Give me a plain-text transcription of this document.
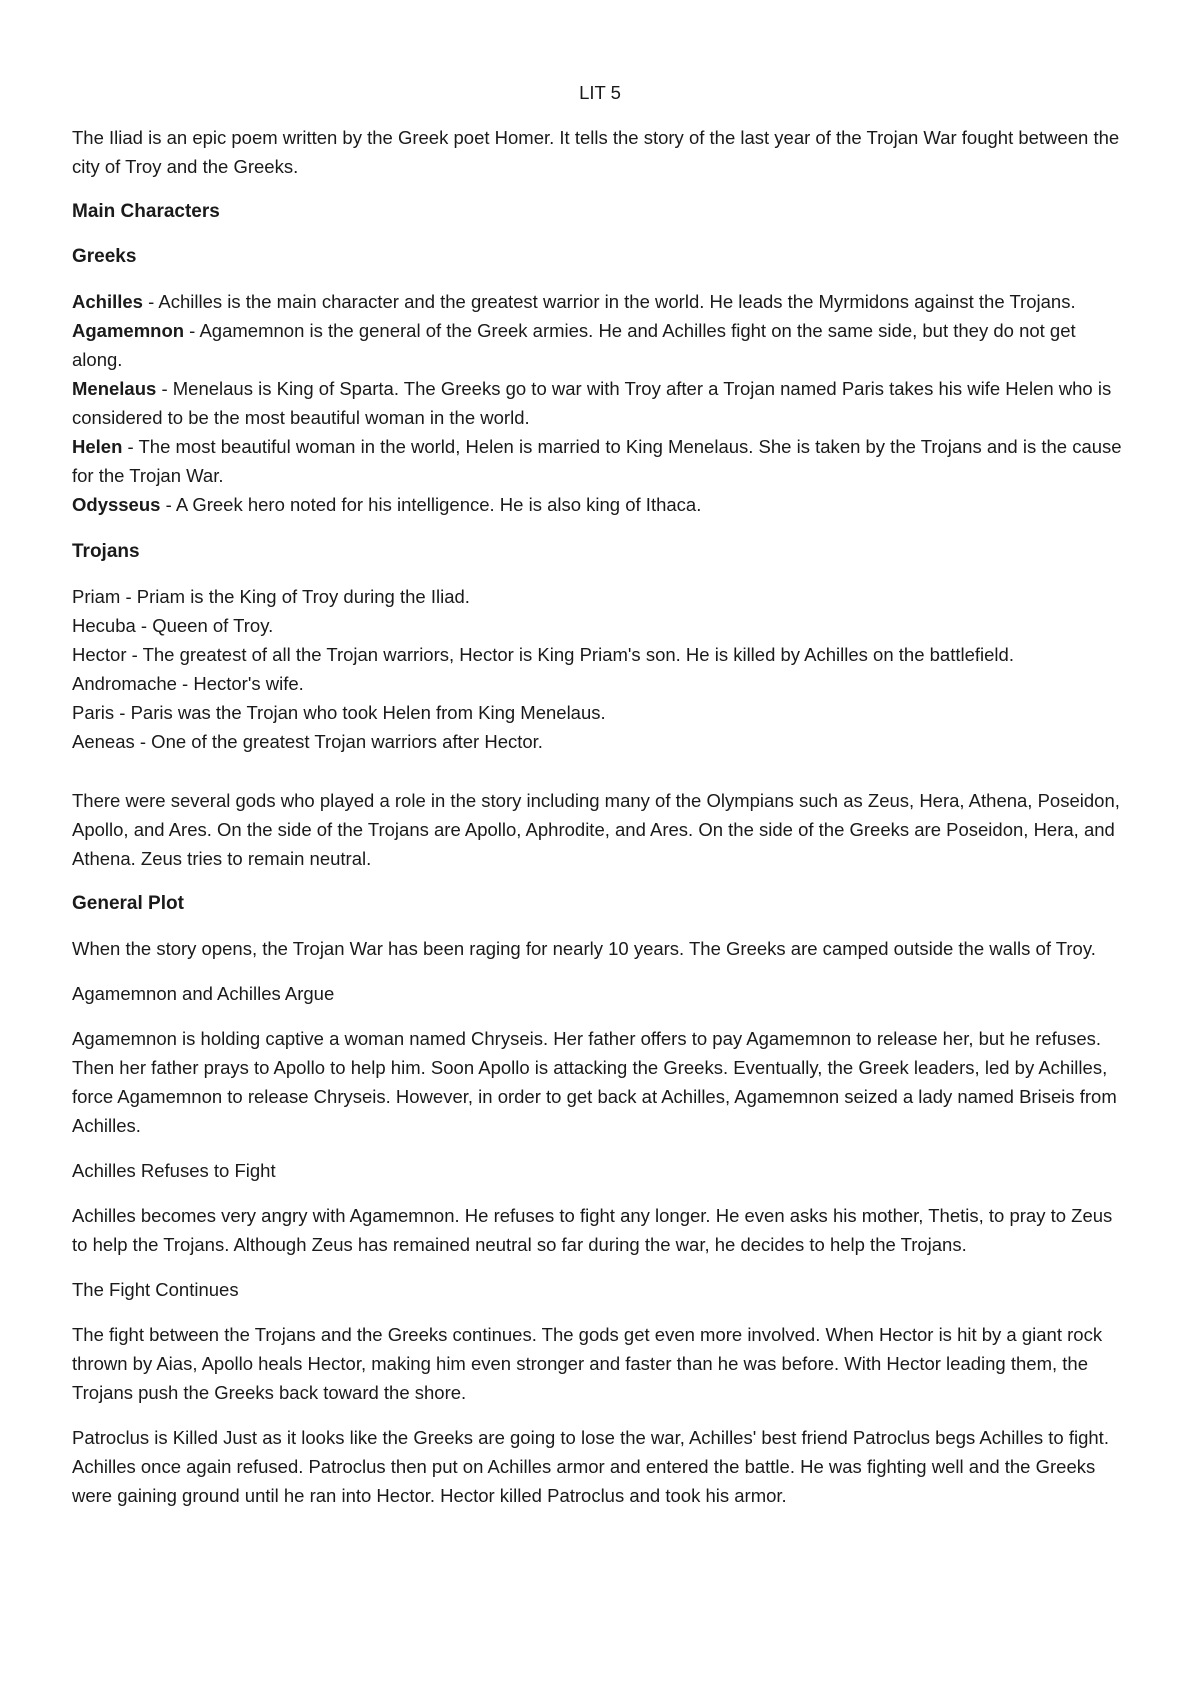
LIT 5

The Iliad is an epic poem written by the Greek poet Homer. It tells the story of the last year of the Trojan War fought between the city of Troy and the Greeks.

Main Characters
Greeks
Achilles - Achilles is the main character and the greatest warrior in the world. He leads the Myrmidons against the Trojans.
Agamemnon - Agamemnon is the general of the Greek armies. He and Achilles fight on the same side, but they do not get along.
Menelaus - Menelaus is King of Sparta. The Greeks go to war with Troy after a Trojan named Paris takes his wife Helen who is considered to be the most beautiful woman in the world.
Helen - The most beautiful woman in the world, Helen is married to King Menelaus. She is taken by the Trojans and is the cause for the Trojan War.
Odysseus - A Greek hero noted for his intelligence. He is also king of Ithaca.
Trojans
Priam - Priam is the King of Troy during the Iliad.
Hecuba - Queen of Troy.
Hector - The greatest of all the Trojan warriors, Hector is King Priam's son. He is killed by Achilles on the battlefield.
Andromache - Hector's wife.
Paris - Paris was the Trojan who took Helen from King Menelaus.
Aeneas - One of the greatest Trojan warriors after Hector.

There were several gods who played a role in the story including many of the Olympians such as Zeus, Hera, Athena, Poseidon, Apollo, and Ares. On the side of the Trojans are Apollo, Aphrodite, and Ares. On the side of the Greeks are Poseidon, Hera, and Athena. Zeus tries to remain neutral.

General Plot

When the story opens, the Trojan War has been raging for nearly 10 years. The Greeks are camped outside the walls of Troy.

Agamemnon and Achilles Argue

Agamemnon is holding captive a woman named Chryseis. Her father offers to pay Agamemnon to release her, but he refuses. Then her father prays to Apollo to help him. Soon Apollo is attacking the Greeks. Eventually, the Greek leaders, led by Achilles, force Agamemnon to release Chryseis. However, in order to get back at Achilles, Agamemnon seized a lady named Briseis from Achilles.

Achilles Refuses to Fight

Achilles becomes very angry with Agamemnon. He refuses to fight any longer. He even asks his mother, Thetis, to pray to Zeus to help the Trojans. Although Zeus has remained neutral so far during the war, he decides to help the Trojans.

The Fight Continues

The fight between the Trojans and the Greeks continues. The gods get even more involved. When Hector is hit by a giant rock thrown by Aias, Apollo heals Hector, making him even stronger and faster than he was before. With Hector leading them, the Trojans push the Greeks back toward the shore.

Patroclus is Killed Just as it looks like the Greeks are going to lose the war, Achilles' best friend Patroclus begs Achilles to fight. Achilles once again refused. Patroclus then put on Achilles armor and entered the battle. He was fighting well and the Greeks were gaining ground until he ran into Hector. Hector killed Patroclus and took his armor.
